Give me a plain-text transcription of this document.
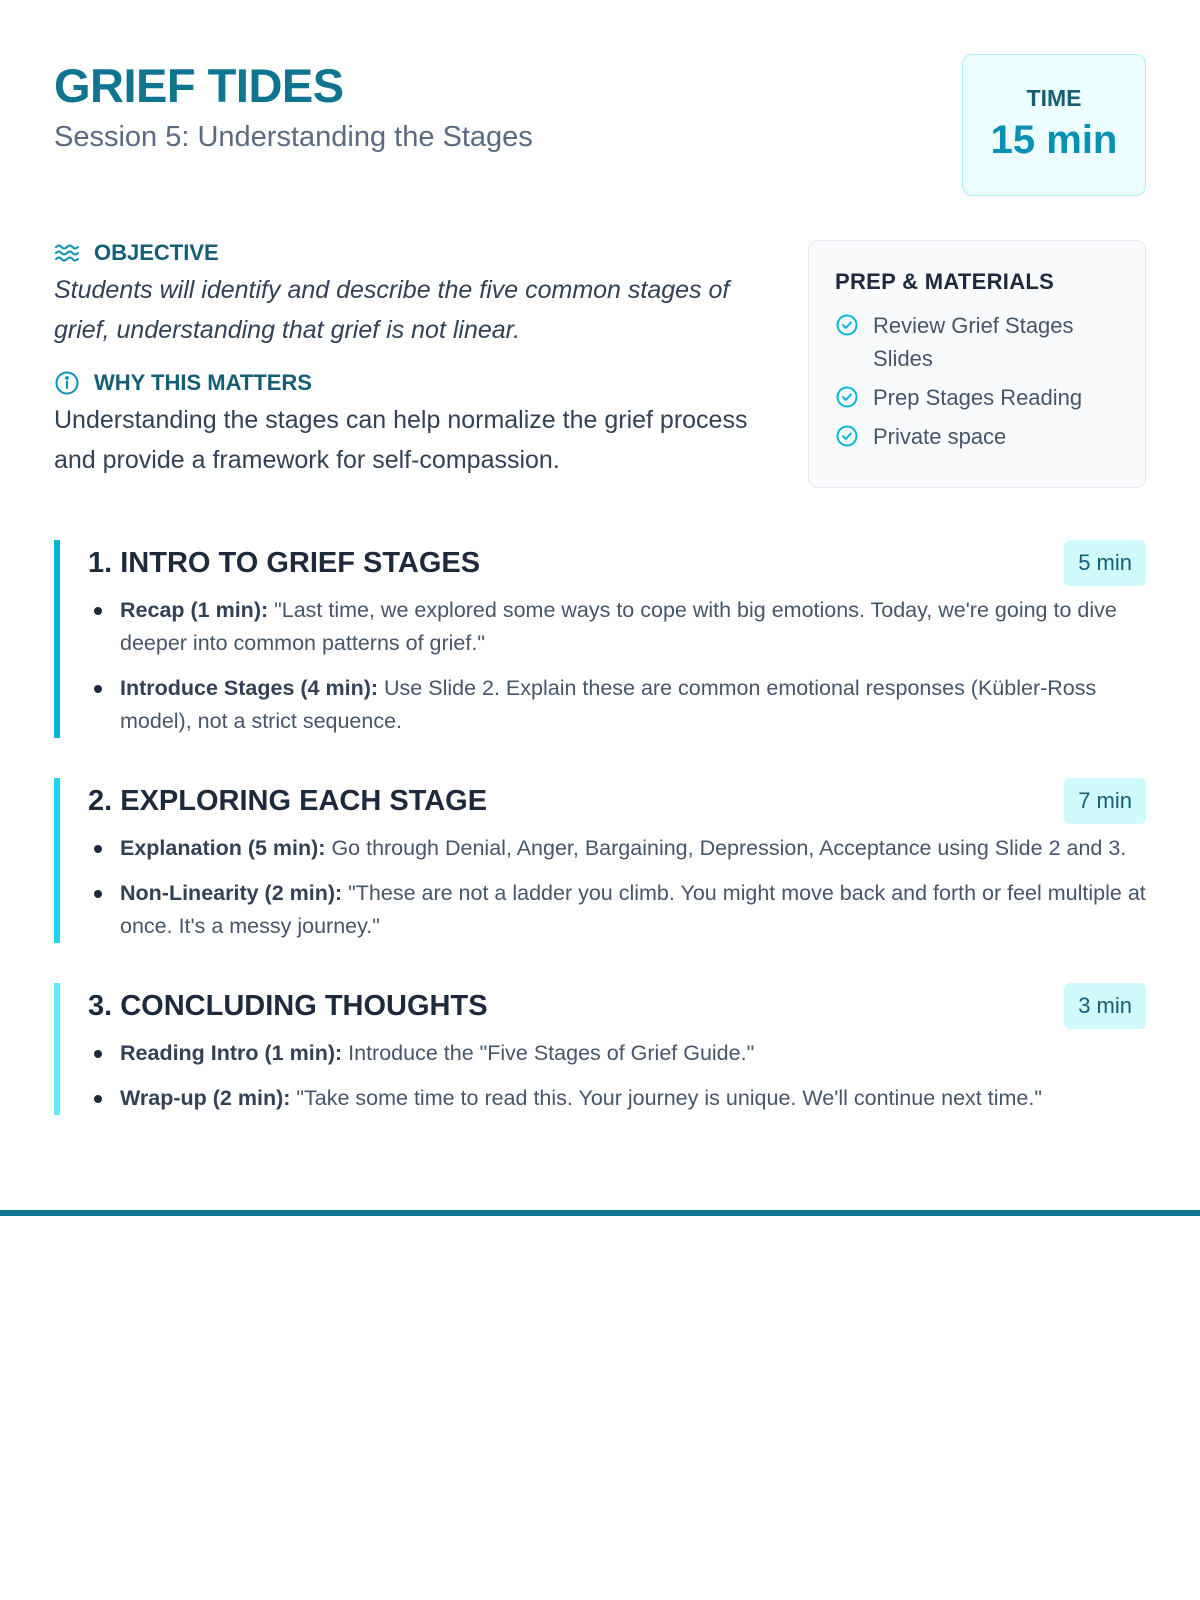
GRIEF TIDES
Session 5: Understanding the Stages
TIME
15 min
OBJECTIVE
Students will identify and describe the five common stages of grief, understanding that grief is not linear.
WHY THIS MATTERS
Understanding the stages can help normalize the grief process and provide a framework for self-compassion.
PREP & MATERIALS
Review Grief Stages Slides
Prep Stages Reading
Private space
1. INTRO TO GRIEF STAGES	5 min
Recap (1 min): "Last time, we explored some ways to cope with big emotions. Today, we're going to dive deeper into common patterns of grief."
Introduce Stages (4 min): Use Slide 2. Explain these are common emotional responses (Kübler-Ross model), not a strict sequence.
2. EXPLORING EACH STAGE	7 min
Explanation (5 min): Go through Denial, Anger, Bargaining, Depression, Acceptance using Slide 2 and 3.
Non-Linearity (2 min): "These are not a ladder you climb. You might move back and forth or feel multiple at once. It's a messy journey."
3. CONCLUDING THOUGHTS	3 min
Reading Intro (1 min): Introduce the "Five Stages of Grief Guide."
Wrap-up (2 min): "Take some time to read this. Your journey is unique. We'll continue next time."
